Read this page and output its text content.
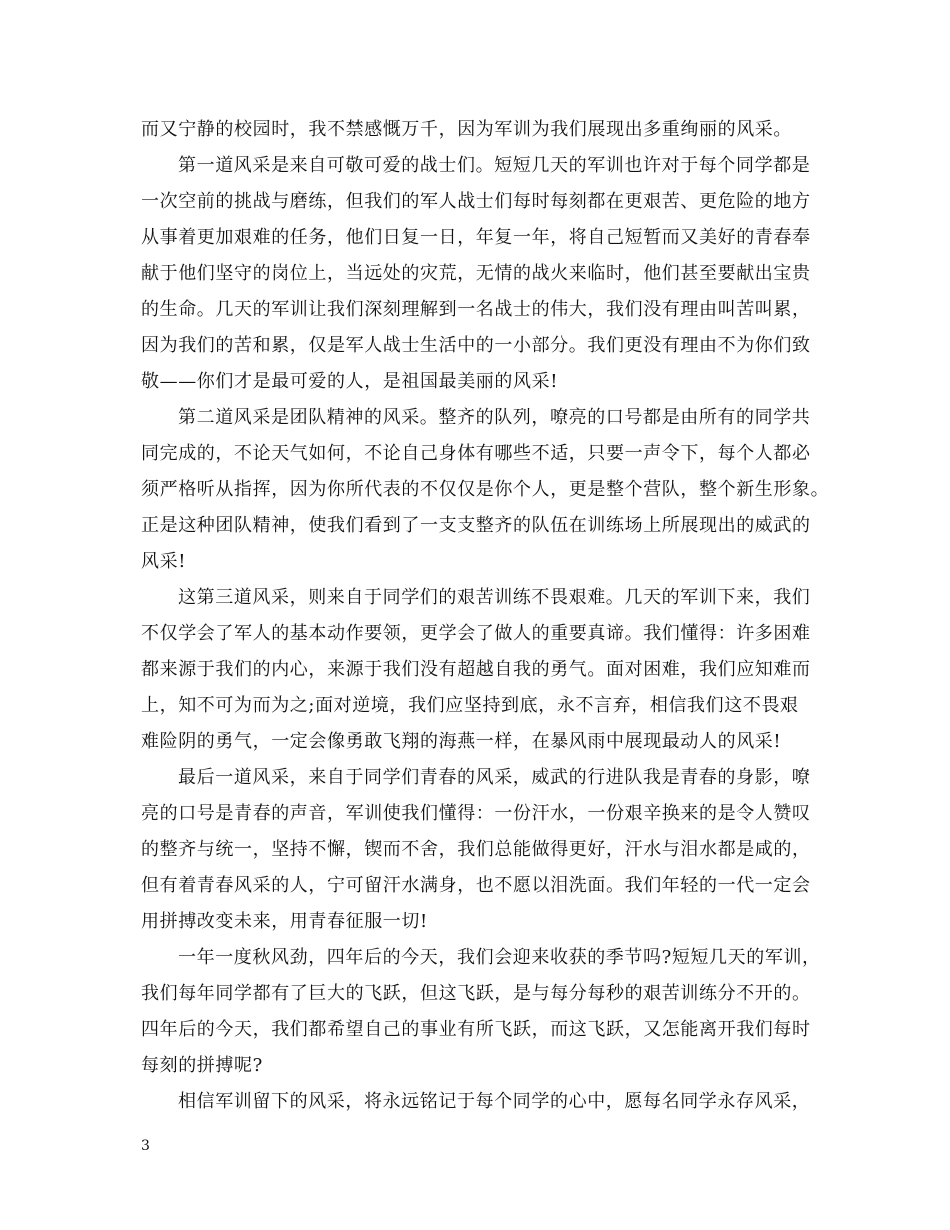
而又宁静的校园时，我不禁感慨万千，因为军训为我们展现出多重绚丽的风采。
第一道风采是来自可敬可爱的战士们。短短几天的军训也许对于每个同学都是
一次空前的挑战与磨练，但我们的军人战士们每时每刻都在更艰苦、更危险的地方
从事着更加艰难的任务，他们日复一日，年复一年，将自己短暂而又美好的青春奉
献于他们坚守的岗位上，当远处的灾荒，无情的战火来临时，他们甚至要献出宝贵
的生命。几天的军训让我们深刻理解到一名战士的伟大，我们没有理由叫苦叫累，
因为我们的苦和累，仅是军人战士生活中的一小部分。我们更没有理由不为你们致
敬——你们才是最可爱的人，是祖国最美丽的风采!
第二道风采是团队精神的风采。整齐的队列，嘹亮的口号都是由所有的同学共
同完成的，不论天气如何，不论自己身体有哪些不适，只要一声令下，每个人都必
须严格听从指挥，因为你所代表的不仅仅是你个人，更是整个营队，整个新生形象。
正是这种团队精神，使我们看到了一支支整齐的队伍在训练场上所展现出的威武的
风采!
这第三道风采，则来自于同学们的艰苦训练不畏艰难。几天的军训下来，我们
不仅学会了军人的基本动作要领，更学会了做人的重要真谛。我们懂得：许多困难
都来源于我们的内心，来源于我们没有超越自我的勇气。面对困难，我们应知难而
上，知不可为而为之;面对逆境，我们应坚持到底，永不言弃，相信我们这不畏艰
难险阴的勇气，一定会像勇敢飞翔的海燕一样，在暴风雨中展现最动人的风采!
最后一道风采，来自于同学们青春的风采，威武的行进队我是青春的身影，嘹
亮的口号是青春的声音，军训使我们懂得：一份汗水，一份艰辛换来的是令人赞叹
的整齐与统一，坚持不懈，锲而不舍，我们总能做得更好，汗水与泪水都是咸的，
但有着青春风采的人，宁可留汗水满身，也不愿以泪洗面。我们年轻的一代一定会
用拼搏改变未来，用青春征服一切!
一年一度秋风劲，四年后的今天，我们会迎来收获的季节吗?短短几天的军训，
我们每年同学都有了巨大的飞跃，但这飞跃，是与每分每秒的艰苦训练分不开的。
四年后的今天，我们都希望自己的事业有所飞跃，而这飞跃，又怎能离开我们每时
每刻的拼搏呢?
相信军训留下的风采，将永远铭记于每个同学的心中，愿每名同学永存风采，
3
